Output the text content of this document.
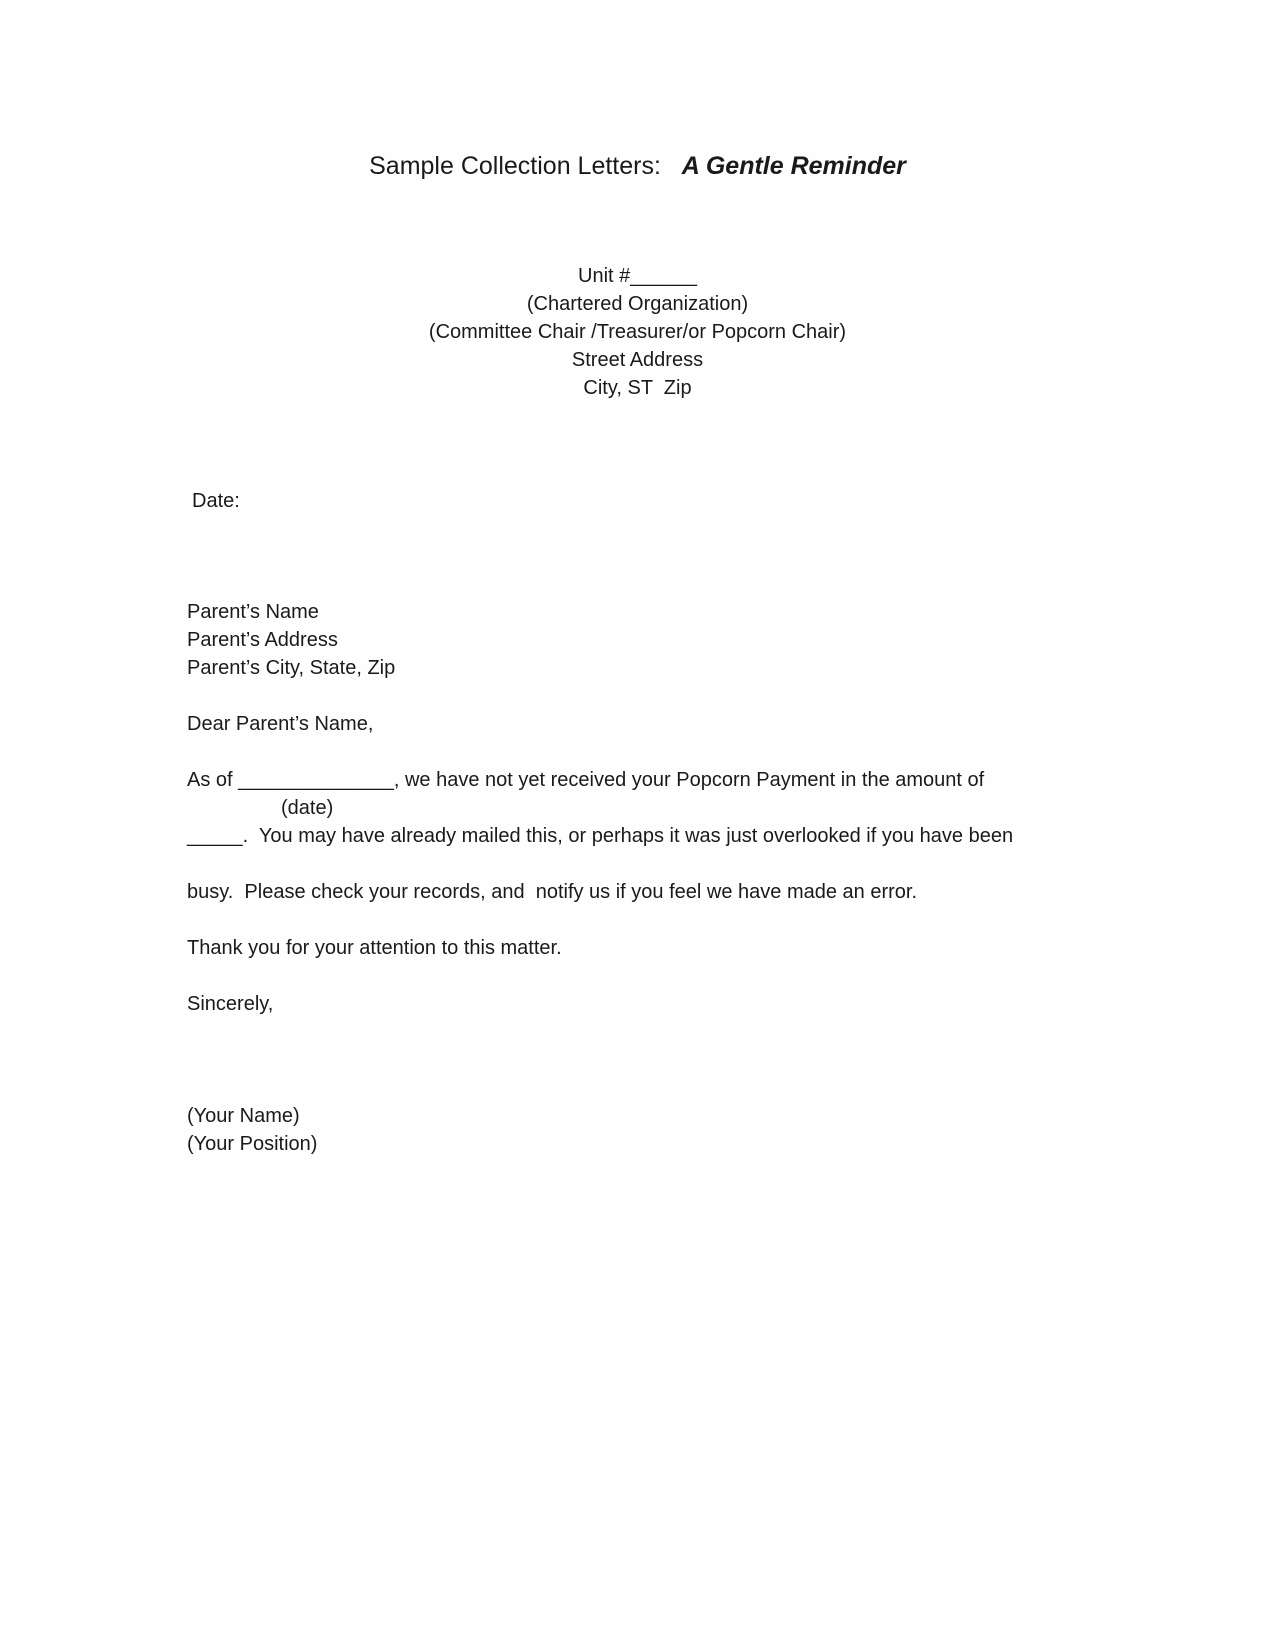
Sample Collection Letters:   A Gentle Reminder
Unit #______
(Chartered Organization)
(Committee Chair /Treasurer/or Popcorn Chair)
Street Address
City, ST  Zip
Date:
Parent’s Name
Parent’s Address
Parent’s City, State, Zip
Dear Parent’s Name,
As of ______________, we have not yet received your Popcorn Payment in the amount of
(date)
_____.  You may have already mailed this, or perhaps it was just overlooked if you have been
busy.  Please check your records, and  notify us if you feel we have made an error.
Thank you for your attention to this matter.
Sincerely,
(Your Name)
(Your Position)
